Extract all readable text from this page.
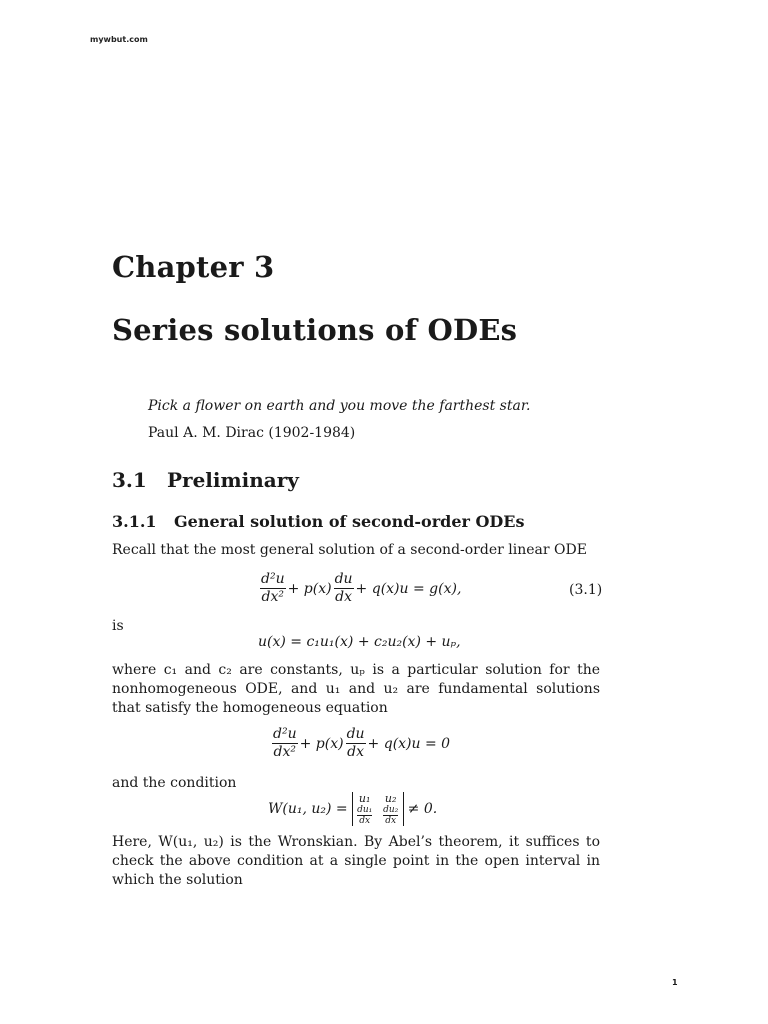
mywbut.com
Chapter 3
Series solutions of ODEs
Pick a flower on earth and you move the farthest star.
Paul A. M. Dirac (1902-1984)
3.1 Preliminary
3.1.1 General solution of second-order ODEs
Recall that the most general solution of a second-order linear ODE
$\frac{\text{d²u}}{\text{dx²}} + p(x) \frac{du}{dx} + q(x)u = g(x)$,	(3.1)
is
u(x) = c₁u₁(x) + c₂u₂(x) + uₚ,
where c₁ and c₂ are constants, uₚ is a particular solution for the nonhomogeneous ODE, and u₁ and u₂ are fundamental solutions that satisfy the homogeneous equation
$\frac{\text{d²u}}{\text{dx²}} + p(x) \frac{du}{dx} + q(x)u = 0$
and the condition
W(u₁, u₂) =
u₁ u₂
$\frac{\text{du₁}}{dx} \frac{\text{du₂}}{dx} \ne 0$.
Here, W(u₁, u₂) is the Wronskian. By Abel’s theorem, it suffices to check the above condition at a single point in the open interval in which the solution
1
